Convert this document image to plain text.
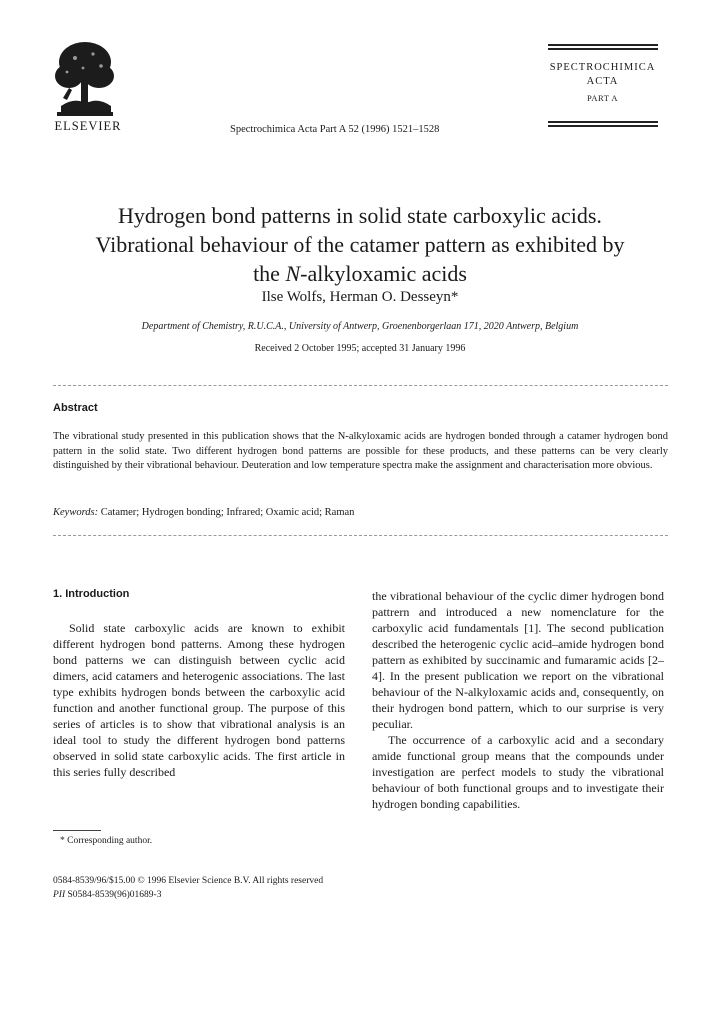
ELSEVIER	Spectrochimica Acta Part A 52 (1996) 1521–1528
SPECTROCHIMICA
ACTA
PART A
Hydrogen bond patterns in solid state carboxylic acids.
Vibrational behaviour of the catamer pattern as exhibited by
the N-alkyloxamic acids
Ilse Wolfs, Herman O. Desseyn*
Department of Chemistry, R.U.C.A., University of Antwerp, Groenenborgerlaan 171, 2020 Antwerp, Belgium
Received 2 October 1995; accepted 31 January 1996
Abstract
The vibrational study presented in this publication shows that the N-alkyloxamic acids are hydrogen bonded through a catamer hydrogen bond pattern in the solid state. Two different hydrogen bond patterns are possible for these products, and these patterns can be very clearly distinguished by their vibrational behaviour. Deuteration and low temperature spectra make the assignment and characterisation more obvious.
Keywords: Catamer; Hydrogen bonding; Infrared; Oxamic acid; Raman
1. Introduction

Solid state carboxylic acids are known to exhibit different hydrogen bond patterns. Among these hydrogen bond patterns we can distinguish between cyclic acid dimers, acid catamers and heterogenic associations. The last type exhibits hydrogen bonds between the carboxylic acid function and another functional group. The purpose of this series of articles is to show that vibrational analysis is an ideal tool to study the different hydrogen bond patterns observed in solid state carboxylic acids. The first article in this series fully described

the vibrational behaviour of the cyclic dimer hydrogen bond pattrern and introduced a new nomenclature for the carboxylic acid fundamentals [1]. The second publication described the heterogenic cyclic acid–amide hydrogen bond pattern as exhibited by succinamic and fumaramic acids [2–4]. In the present publication we report on the vibrational behaviour of the N-alkyloxamic acids and, consequently, on their hydrogen bond pattern, which to our surprise is very peculiar.

The occurrence of a carboxylic acid and a secondary amide functional group means that the compounds under investigation are perfect models to study the vibrational behaviour of both functional groups and to investigate their hydrogen bonding capabilities.

* Corresponding author.
0584-8539/96/$15.00 © 1996 Elsevier Science B.V. All rights reserved
PII S0584-8539(96)01689-3
